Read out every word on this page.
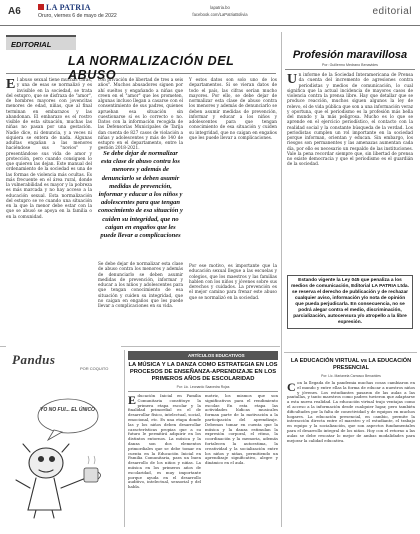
A6	LA PATRIA
Oruro, viernes 6 de mayo de 2022
lapatria.bo
facebook.com/LaPatriaBolivia	editorial
EDITORIAL
LA NORMALIZACIÓN DEL ABUSO
El abuso sexual tiene muchas caras, y una de esas se normalizó y es invisible en la sociedad, se trata del estupro, que se disfraza de "amor", de hombres mayores con jovencitas menores de edad, niñas, que al final terminan en embarazos y las abandonan. El embarazo es el rostro visible de esta situación, muchas las niñas no pasan por una gestación. Nadie dice, ni denuncia, y a veces ni siquiera se entera de nada. Algunas adultas engañan a las menores haciéndose sus "novios" y presentándose sus vida de amor y protección, pero cuando consiguen lo que quieren las dejan. Este manual del ordenamiento de la sociedad es una de las formas de violencia más ocultas. Es más frecuente en el área rural, donde la vulnerabilidad es mayor y la pobreza es más marcada y no hay acceso a la educación sexual. Esta normalización del estupro se ve cuando una situación en la que la menor debe estar con la que se abusó se apoya en la familia o en la comunidad.
con privación de libertad de tres a seis años". Muchos abusadores siguen por ahí sueltos y engañando a niñas que creen en el "amor" que les prometen, algunas incluso llegan a casarse con el consentimiento de sus padres, quienes aprueban esa situación sin cuestionarse si es lo correcto o no. Datos con la información recogida de las Defensorías Municipales de Tarija dan cuenta de 827 casos de violación a niñas y adolescentes y más de 140 de estupro en el departamento, entre la gestión 2018-2021.
Se debe dejar de normalizar esta clase de abuso contra los menores y además de denunciarlo se deben asumir medidas de prevención, informar y educar a los niños y adolescentes para que tengan conocimiento de esa situación y cuiden su integridad, que no caigan en engaños que les puede llevar a complicaciones
Se debe dejar de normalizar esta clase de abuso contra los menores y además de denunciarlo se deben asumir medidas de prevención, informar y educar a los niños y adolescentes para que tengan conocimiento de esa situación y cuiden su integridad, que no caigan en engaños que les puede llevar a complicaciones en su vida.
Y estos datos son solo uno de los departamentos. Si se vieran datos de todo el país, las cifras serían mucho mayores. Por ello, se debe dejar de normalizar esta clase de abuso contra los menores y además de denunciarlo se deben asumir medidas de prevención, informar y educar a los niños y adolescentes para que tengan conocimiento de esa situación y cuiden su integridad, que no caigan en engaños que les puede llevar a complicaciones.
Por ese motivo, es importante que la educación sexual llegue a las escuelas y colegios, que los maestros y las familias hablen con los niños y jóvenes sobre sus derechos y cuidados. La prevención es el mejor camino para frenar este abuso que se normalizó en la sociedad.
Profesión maravillosa
Por: Guillermo Medrano Benavides
Un informe de la Sociedad Interamericana de Prensa da cuenta del incremento de agresiones contra periodistas y medios de comunicación, lo cual significa que la actual incidencia de mayores casos de violencia contra la prensa libre. Hay que detallar que se produce reacción, muchos siguen algunos la ley de relevo, el de vida pública que son a una información veraz y oportuna, que el periodismo es la profesión más bella del mundo y la más peligrosa. Mucho es lo que se aprende en el ejercicio periodístico, el contacto con la realidad social y la constante búsqueda de la verdad. Los periodistas cumplen un rol importante en la sociedad porque informan, orientan y educan. Sin embargo, los riesgos son permanentes y las amenazas aumentan cada día, por ello es necesario un respaldo de las instituciones. Vale la pena recordar siempre que, sin libertad de prensa no existe democracia y que el periodismo es el guardián de la sociedad.
Estando vigente la Ley 045 que penaliza a los medios de comunicación, Editorial LA PATRIA Ltda. se reserva el derecho de publicación y de rechazar cualquier aviso, información y/o nota de opinión que pueda perjudicarla. En consecuencia, no se podrá alegar contra el medio, discriminación, parcialización, autocensura y/o atropello a la libre expresión.
LA EDUCACIÓN VIRTUAL vs LA EDUCACIÓN PRESENCIAL
Por: Lic. Marianela Carrasco Benavides
Con la llegada de la pandemia muchas cosas cambiaron en el mundo y entre ellas la forma de educar a nuestros niños y jóvenes. Los estudiantes pasaron de las aulas a las pantallas, y tanto maestros como padres tuvieron que adaptarse a esta nueva realidad. La educación virtual trajo ventajas como el acceso a la información desde cualquier lugar, pero también dificultades por la falta de conectividad y de equipos en muchos hogares. La educación presencial, en cambio, permite la interacción directa entre el maestro y el estudiante, el trabajo en equipo y la socialización, que son aspectos fundamentales para el desarrollo integral de los niños. Hoy con el retorno a las aulas se debe rescatar lo mejor de ambas modalidades para mejorar la calidad educativa.
Pandus
POR COQUITO
YO NO FUI... EL ÚNICO
ARTÍCULOS EDUCATIVOS
LA MÚSICA Y LA DANZA COMO ESTRATEGIA EN LOS PROCESOS DE ENSEÑANZA-APRENDIZAJE EN LOS PRIMEROS AÑOS DE ESCOLARIDAD
Por: Lic. Leonardo Saavedra Rojas
Educación Inicial en Familia Comunitaria constituye la primera etapa escolar y la finalidad primordial es el de desarrollar físico, intelectual, social, emocional, etc. Es una etapa donde las y los niños deben desarrollar características propias que a su futuro le permitirá adquirir en los distintos entornos. La música y la danza son dos elementos primordiales que se debe tomar en cuenta en la Educación Inicial en Familia Comunitaria, para un buen desarrollo de los niños y niñas. La música en los primeros años de escolaridad, es muy importante porque ayuda en el desarrollo auditivo, intelectual, sensorial y del habla.
motriz, los mismos que son significativos para el rendimiento escolar. En esta etapa las actividades lúdicas musicales forman parte de la motivación a la participación del aprendizaje. Debemos tomar en cuenta que la música y la danza estimulan la expresión corporal, el ritmo, la coordinación y la memoria, además fortalecen la autoestima, la creatividad y la socialización entre los niños y niñas, permitiendo un aprendizaje significativo, alegre y dinámico en el aula.
